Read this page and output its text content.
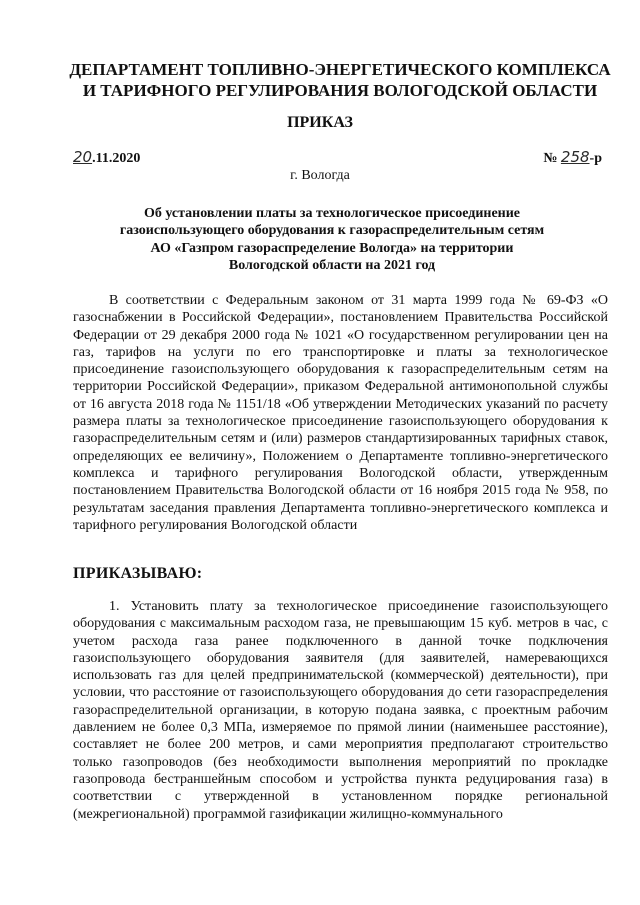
ДЕПАРТАМЕНТ ТОПЛИВНО-ЭНЕРГЕТИЧЕСКОГО КОМПЛЕКСА
И ТАРИФНОГО РЕГУЛИРОВАНИЯ ВОЛОГОДСКОЙ ОБЛАСТИ
ПРИКАЗ
20.11.2020	№ 258-р
г. Вологда
Об установлении платы за технологическое присоединение газоиспользующего оборудования к газораспределительным сетям АО «Газпром газораспределение Вологда» на территории Вологодской области на 2021 год

В соответствии с Федеральным законом от 31 марта 1999 года № 69-ФЗ «О газоснабжении в Российской Федерации», постановлением Правительства Российской Федерации от 29 декабря 2000 года № 1021 «О государственном регулировании цен на газ, тарифов на услуги по его транспортировке и платы за технологическое присоединение газоиспользующего оборудования к газораспределительным сетям на территории Российской Федерации», приказом Федеральной антимонопольной службы от 16 августа 2018 года № 1151/18 «Об утверждении Методических указаний по расчету размера платы за технологическое присоединение газоиспользующего оборудования к газораспределительным сетям и (или) размеров стандартизированных тарифных ставок, определяющих ее величину», Положением о Департаменте топливно-энергетического комплекса и тарифного регулирования Вологодской области, утвержденным постановлением Правительства Вологодской области от 16 ноября 2015 года № 958, по результатам заседания правления Департамента топливно-энергетического комплекса и тарифного регулирования Вологодской области

ПРИКАЗЫВАЮ:

1. Установить плату за технологическое присоединение газоиспользующего оборудования с максимальным расходом газа, не превышающим 15 куб. метров в час, с учетом расхода газа ранее подключенного в данной точке подключения газоиспользующего оборудования заявителя (для заявителей, намеревающихся использовать газ для целей предпринимательской (коммерческой) деятельности), при условии, что расстояние от газоиспользующего оборудования до сети газораспределения газораспределительной организации, в которую подана заявка, с проектным рабочим давлением не более 0,3 МПа, измеряемое по прямой линии (наименьшее расстояние), составляет не более 200 метров, и сами мероприятия предполагают строительство только газопроводов (без необходимости выполнения мероприятий по прокладке газопровода бестраншейным способом и устройства пункта редуцирования газа) в соответствии с утвержденной в установленном порядке региональной (межрегиональной) программой газификации жилищно-коммунального
